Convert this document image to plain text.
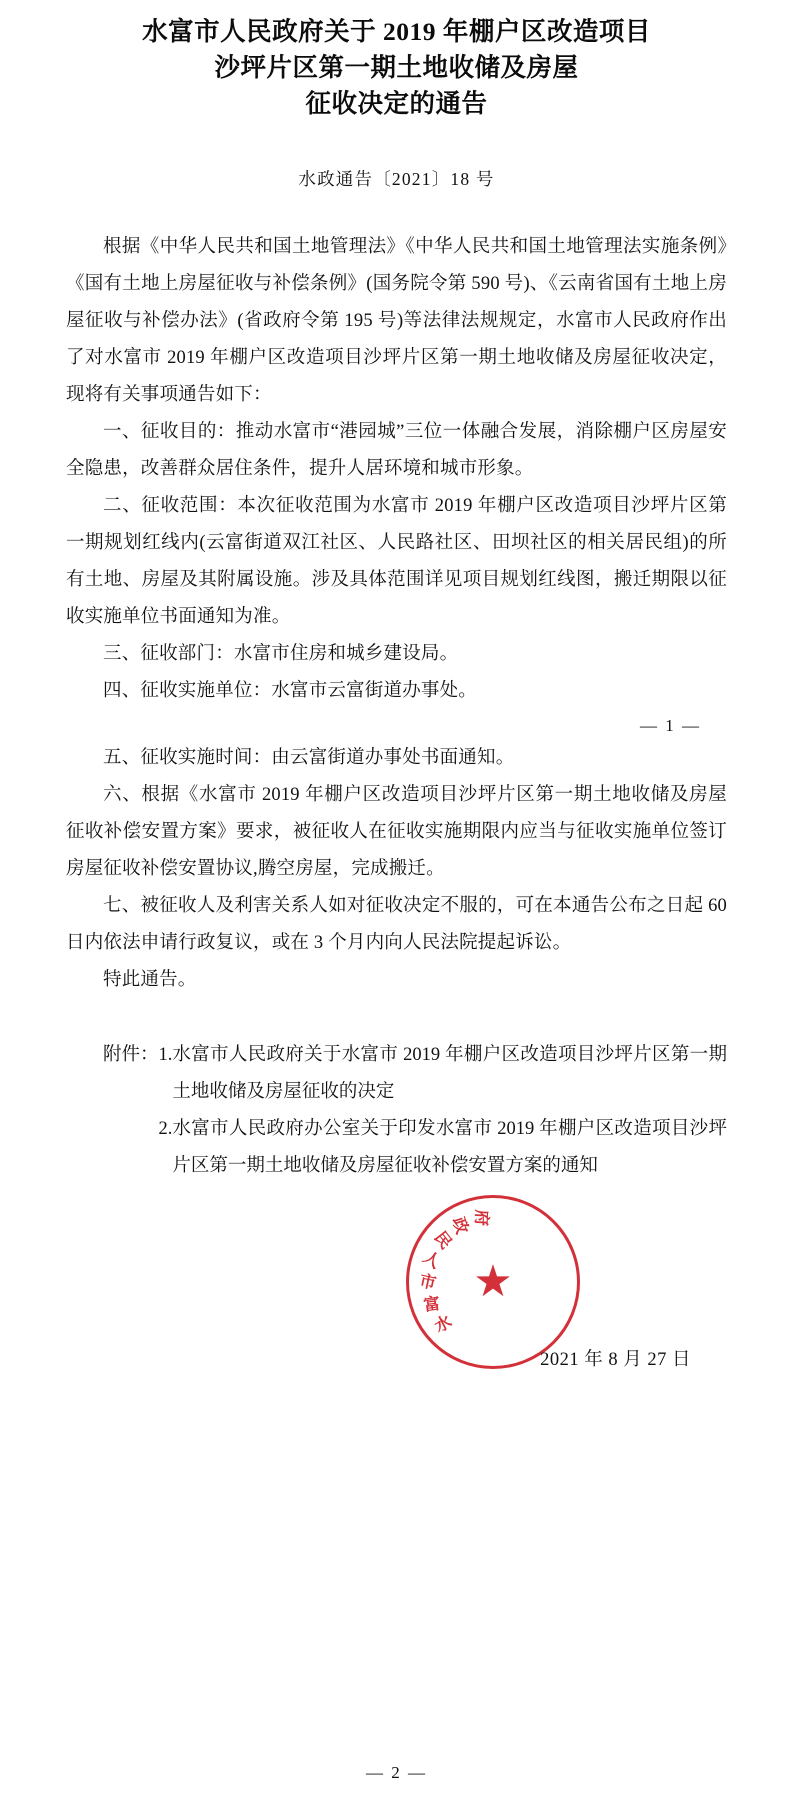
水富市人民政府关于 2019 年棚户区改造项目
沙坪片区第一期土地收储及房屋
征收决定的通告
水政通告〔2021〕18 号

根据《中华人民共和国土地管理法》《中华人民共和国土地管理法实施条例》《国有土地上房屋征收与补偿条例》(国务院令第 590 号)、《云南省国有土地上房屋征收与补偿办法》(省政府令第 195 号)等法律法规规定，水富市人民政府作出了对水富市 2019 年棚户区改造项目沙坪片区第一期土地收储及房屋征收决定，现将有关事项通告如下：

一、征收目的：推动水富市“港园城”三位一体融合发展，消除棚户区房屋安全隐患，改善群众居住条件，提升人居环境和城市形象。

二、征收范围：本次征收范围为水富市 2019 年棚户区改造项目沙坪片区第一期规划红线内(云富街道双江社区、人民路社区、田坝社区的相关居民组)的所有土地、房屋及其附属设施。涉及具体范围详见项目规划红线图，搬迁期限以征收实施单位书面通知为准。

三、征收部门：水富市住房和城乡建设局。

四、征收实施单位：水富市云富街道办事处。

— 1 —

五、征收实施时间：由云富街道办事处书面通知。

六、根据《水富市 2019 年棚户区改造项目沙坪片区第一期土地收储及房屋征收补偿安置方案》要求，被征收人在征收实施期限内应当与征收实施单位签订房屋征收补偿安置协议,腾空房屋，完成搬迁。

七、被征收人及利害关系人如对征收决定不服的，可在本通告公布之日起 60 日内依法申请行政复议，或在 3 个月内向人民法院提起诉讼。

特此通告。

附件： 1. 水富市人民政府关于水富市 2019 年棚户区改造项目沙坪片区第一期土地收储及房屋征收的决定
2. 水富市人民政府办公室关于印发水富市 2019 年棚户区改造项目沙坪片区第一期土地收储及房屋征收补偿安置方案的通知
★
水
富
市
人
民
政 府
2021 年 8 月 27 日
— 2 —
